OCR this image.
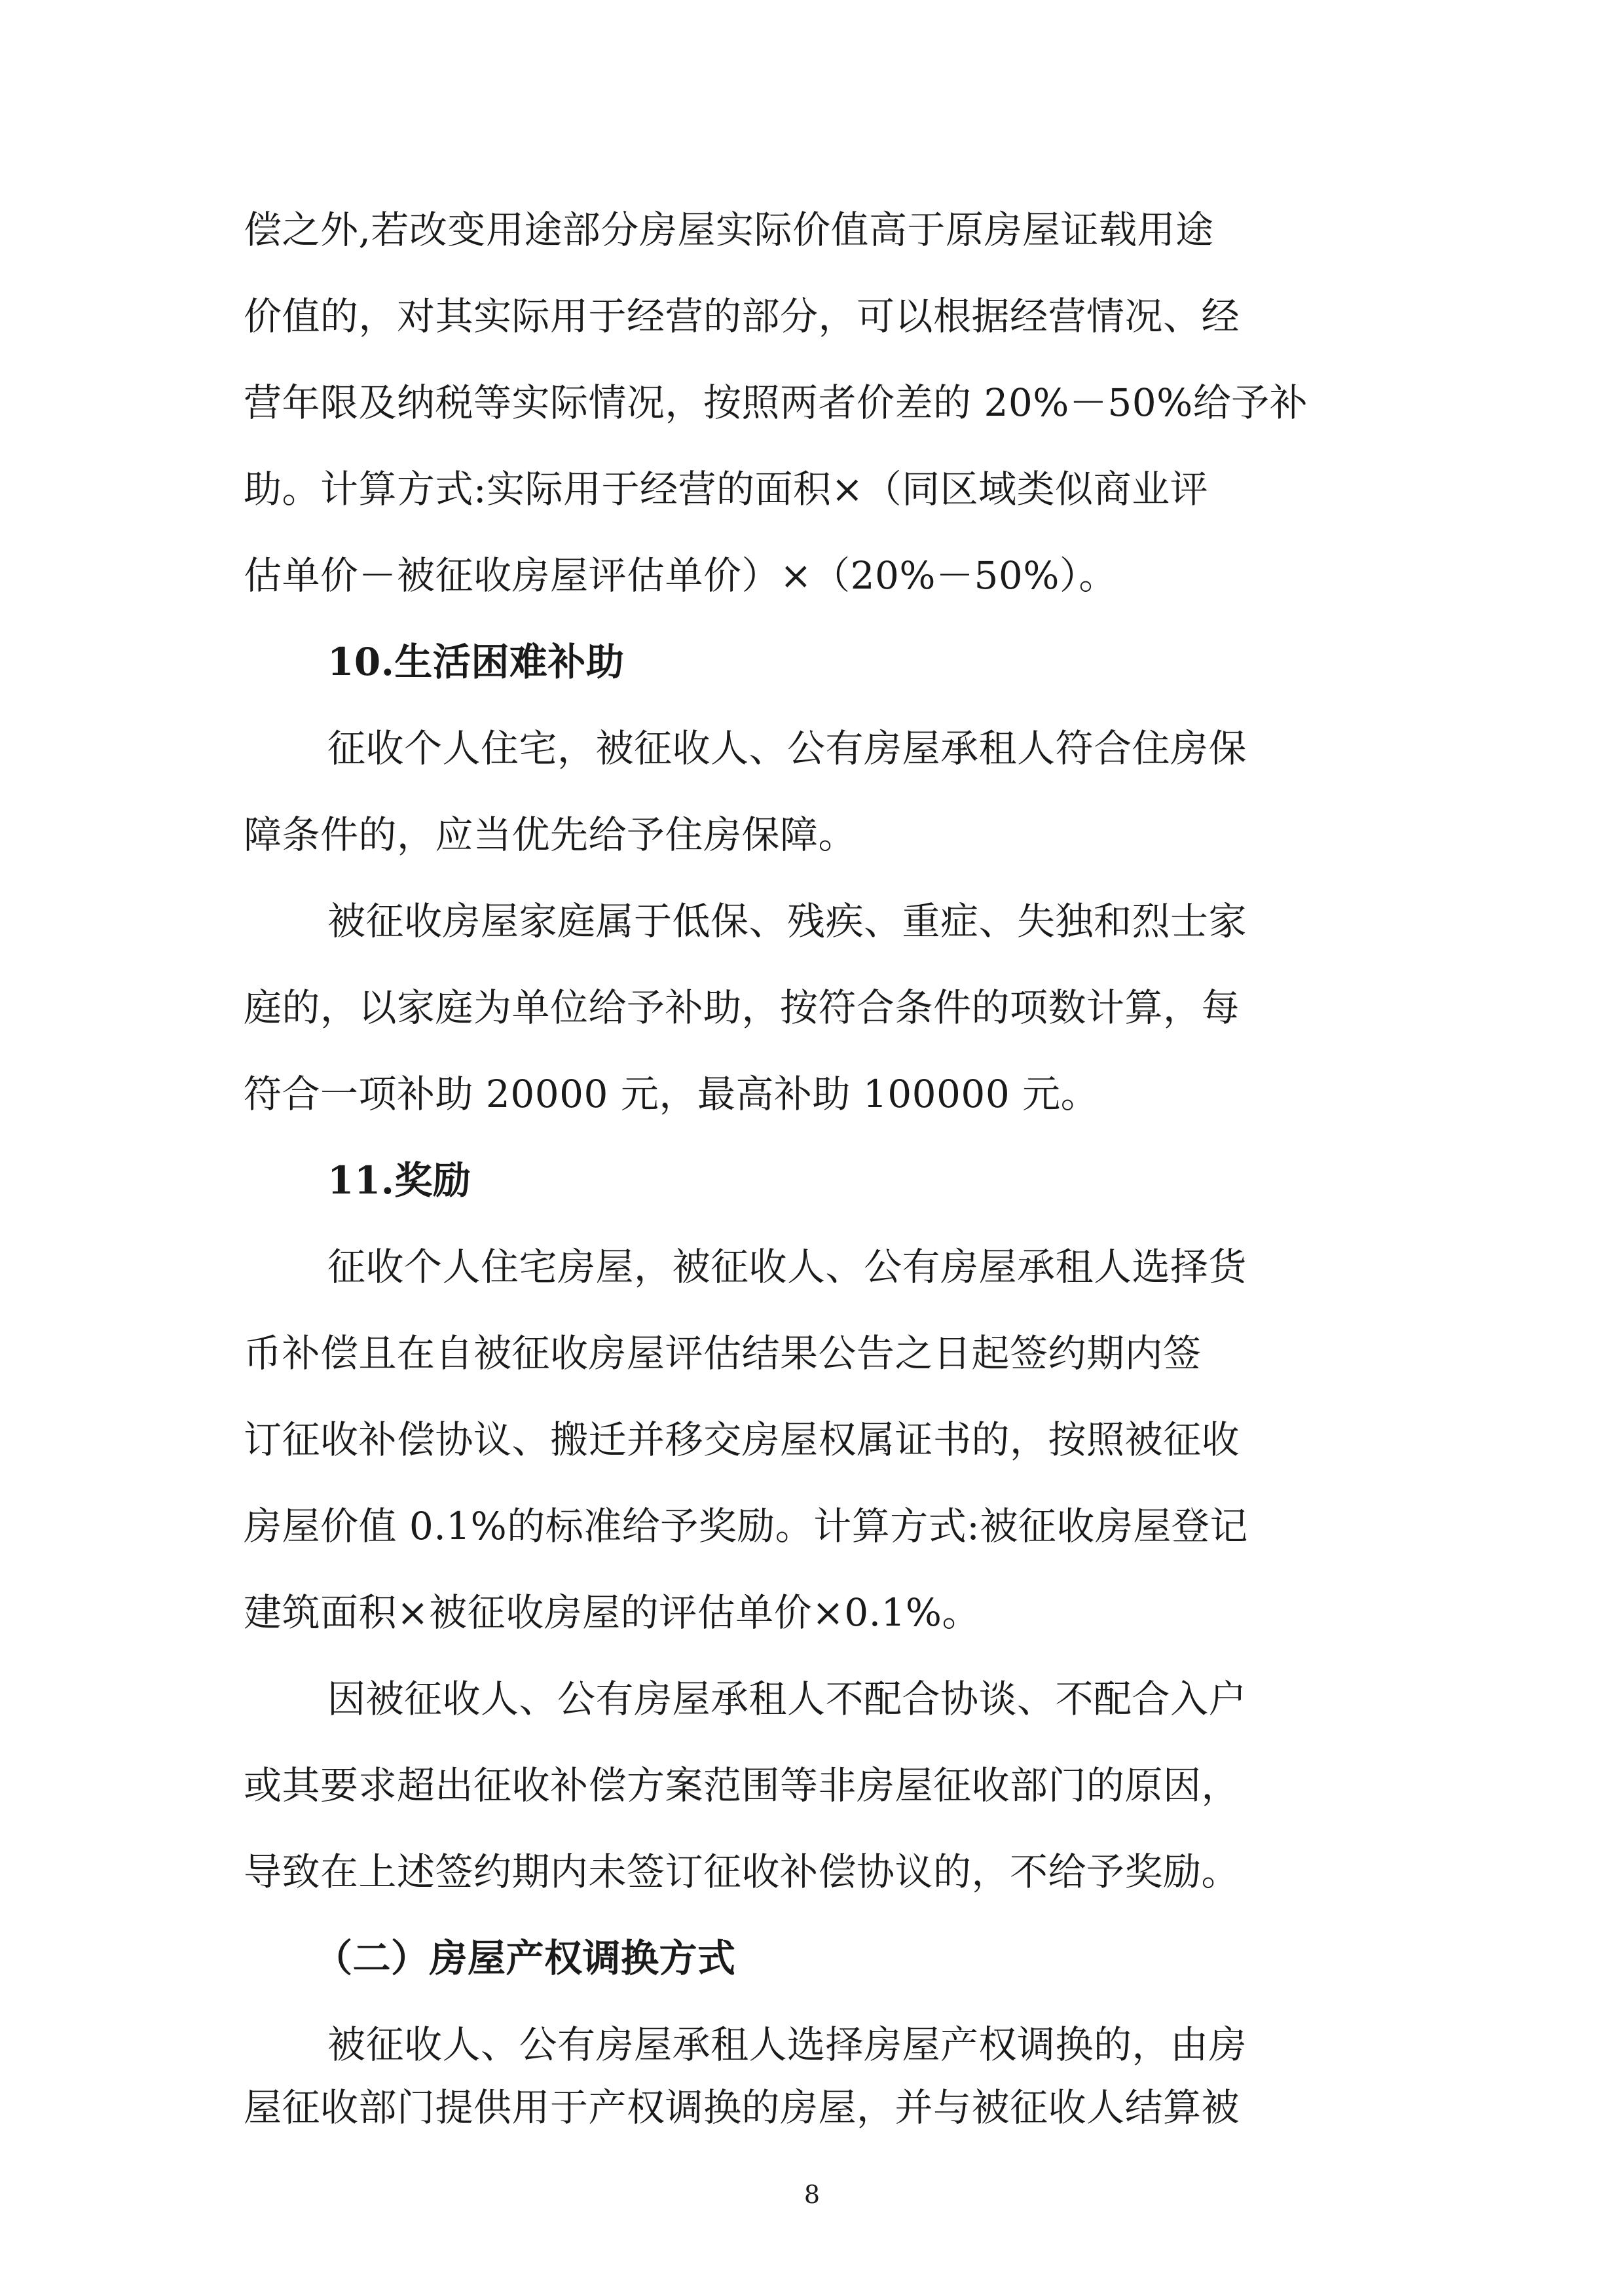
偿之外,若改变用途部分房屋实际价值高于原房屋证载用途
价值的，对其实际用于经营的部分，可以根据经营情况、经
营年限及纳税等实际情况，按照两者价差的 20%－50%给予补
助。计算方式:实际用于经营的面积×（同区域类似商业评
估单价－被征收房屋评估单价）×（20%－50%）。
10.生活困难补助
征收个人住宅，被征收人、公有房屋承租人符合住房保
障条件的，应当优先给予住房保障。
被征收房屋家庭属于低保、残疾、重症、失独和烈士家
庭的，以家庭为单位给予补助，按符合条件的项数计算，每
符合一项补助 20000 元，最高补助 100000 元。
11.奖励
征收个人住宅房屋，被征收人、公有房屋承租人选择货
币补偿且在自被征收房屋评估结果公告之日起签约期内签
订征收补偿协议、搬迁并移交房屋权属证书的，按照被征收
房屋价值 0.1%的标准给予奖励。计算方式:被征收房屋登记
建筑面积×被征收房屋的评估单价×0.1%。
因被征收人、公有房屋承租人不配合协谈、不配合入户
或其要求超出征收补偿方案范围等非房屋征收部门的原因，
导致在上述签约期内未签订征收补偿协议的，不给予奖励。
（二）房屋产权调换方式
被征收人、公有房屋承租人选择房屋产权调换的，由房
屋征收部门提供用于产权调换的房屋，并与被征收人结算被
8
